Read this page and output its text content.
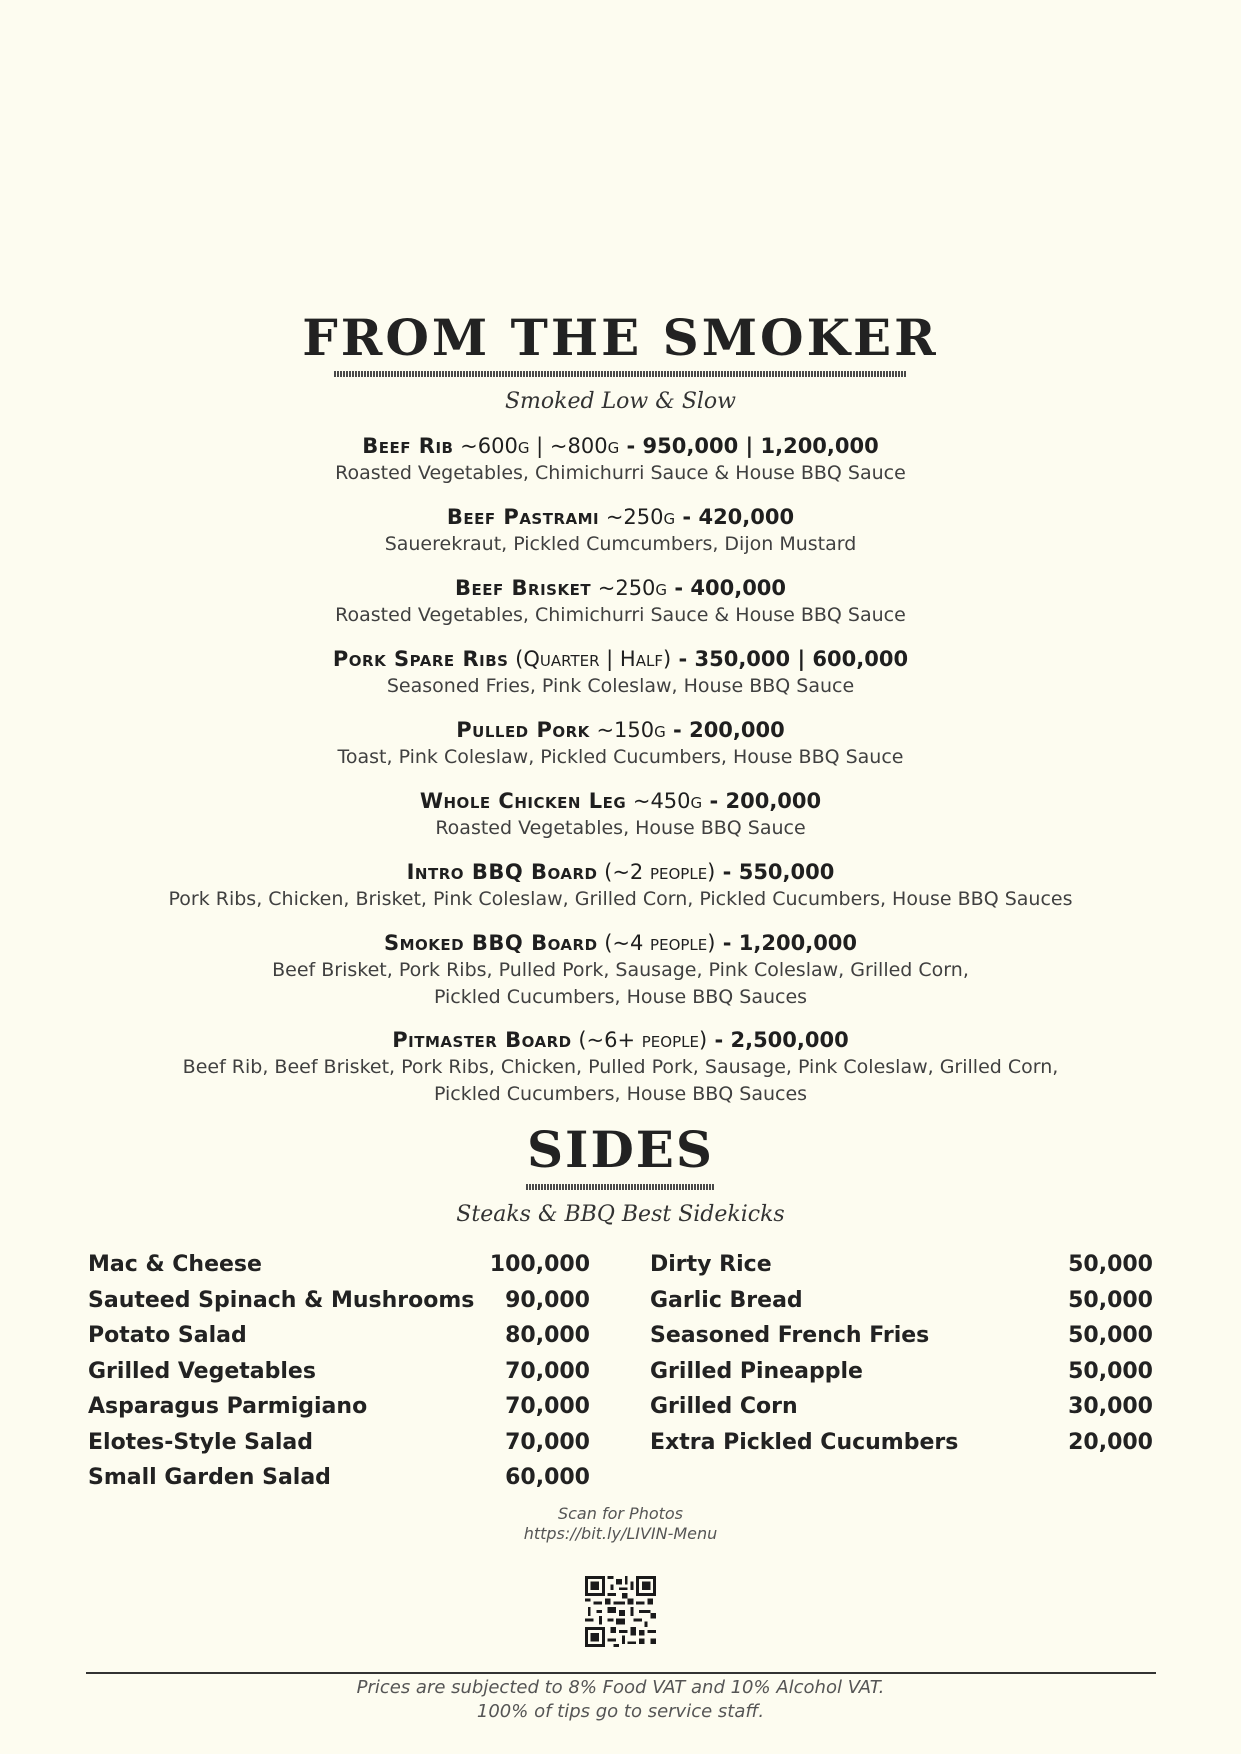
FROM THE SMOKER
Smoked Low & Slow
Beef Rib ~600g | ~800g - 950,000 | 1,200,000
Roasted Vegetables, Chimichurri Sauce & House BBQ Sauce
Beef Pastrami ~250g - 420,000
Sauerekraut, Pickled Cumcumbers, Dijon Mustard
Beef Brisket ~250g - 400,000
Roasted Vegetables, Chimichurri Sauce & House BBQ Sauce
Pork Spare Ribs (Quarter | Half) - 350,000 | 600,000
Seasoned Fries, Pink Coleslaw, House BBQ Sauce
Pulled Pork ~150g - 200,000
Toast, Pink Coleslaw, Pickled Cucumbers, House BBQ Sauce
Whole Chicken Leg ~450g - 200,000
Roasted Vegetables, House BBQ Sauce
Intro BBQ Board (~2 people) - 550,000
Pork Ribs, Chicken, Brisket, Pink Coleslaw, Grilled Corn, Pickled Cucumbers, House BBQ Sauces
Smoked BBQ Board (~4 people) - 1,200,000
Beef Brisket, Pork Ribs, Pulled Pork, Sausage, Pink Coleslaw, Grilled Corn,
Pickled Cucumbers, House BBQ Sauces
Pitmaster Board (~6+ people) - 2,500,000
Beef Rib, Beef Brisket, Pork Ribs, Chicken, Pulled Pork, Sausage, Pink Coleslaw, Grilled Corn,
Pickled Cucumbers, House BBQ Sauces
SIDES
Steaks & BBQ Best Sidekicks
Mac & Cheese	100,000
Sauteed Spinach & Mushrooms 90,000
Potato Salad	80,000
Grilled Vegetables	70,000
Asparagus Parmigiano	70,000
Elotes-Style Salad	70,000
Small Garden Salad	60,000
Dirty Rice	50,000
Garlic Bread	50,000
Seasoned French Fries	50,000
Grilled Pineapple	50,000
Grilled Corn	30,000
Extra Pickled Cucumbers	20,000
Scan for Photos
https://bit.ly/LIVIN-Menu
Prices are subjected to 8% Food VAT and 10% Alcohol VAT.
100% of tips go to service staff.
